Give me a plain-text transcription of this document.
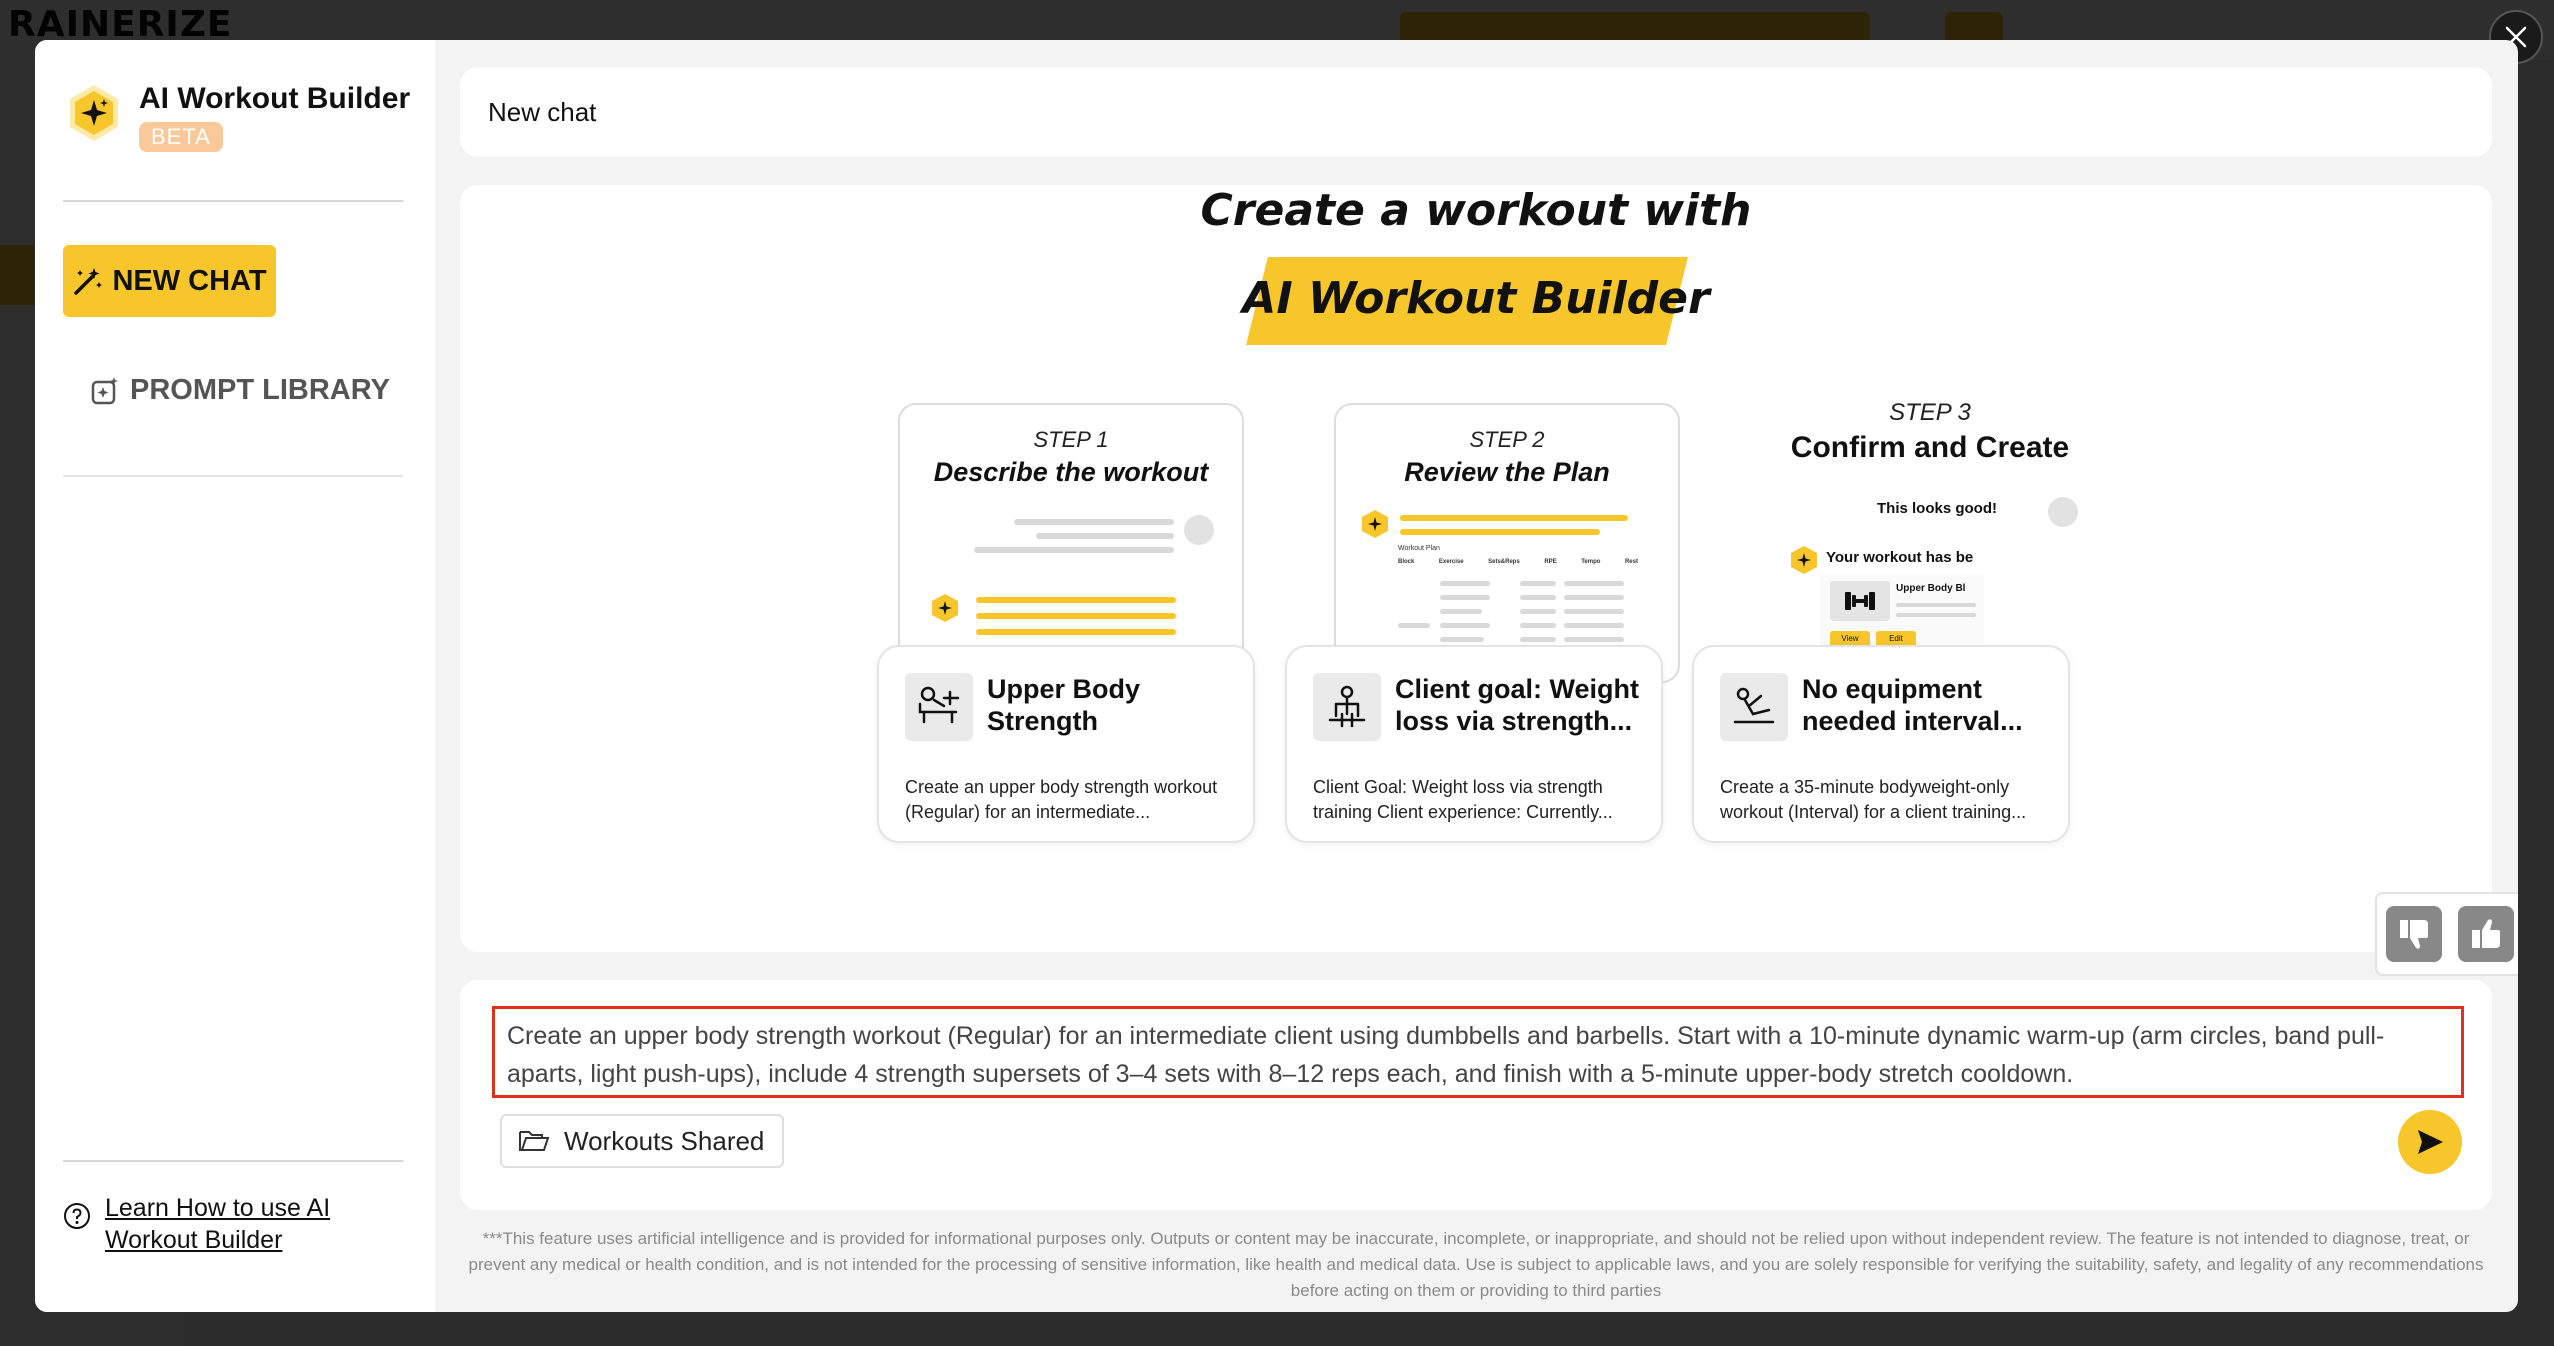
AI Workout Builder
BETA
NEW CHAT
PROMPT LIBRARY
Learn How to use AI Workout Builder
New chat
Create a workout with
AI Workout Builder
STEP 1
Describe the workout
STEP 2
Review the Plan
Workout Plan
Block	Exercise	Sets&Reps	RPE	Tempo	Rest
STEP 3
Confirm and Create
This looks good!
Your workout has be
Upper Body Bl
View	Edit
Upper Body Strength
Create an upper body strength workout (Regular) for an intermediate...
Client goal: Weight loss via strength...
Client Goal: Weight loss via strength training Client experience: Currently...
No equipment needed interval...
Create a 35-minute bodyweight-only workout (Interval) for a client training...
Create an upper body strength workout (Regular) for an intermediate client using dumbbells and barbells. Start with a 10-minute dynamic warm-up (arm circles, band pull-aparts, light push-ups), include 4 strength supersets of 3–4 sets with 8–12 reps each, and finish with a 5-minute upper-body stretch cooldown.
Workouts Shared
***This feature uses artificial intelligence and is provided for informational purposes only. Outputs or content may be inaccurate, incomplete, or inappropriate, and should not be relied upon without independent review. The feature is not intended to diagnose, treat, or prevent any medical or health condition, and is not intended for the processing of sensitive information, like health and medical data. Use is subject to applicable laws, and you are solely responsible for verifying the suitability, safety, and legality of any recommendations before acting on them or providing to third parties
